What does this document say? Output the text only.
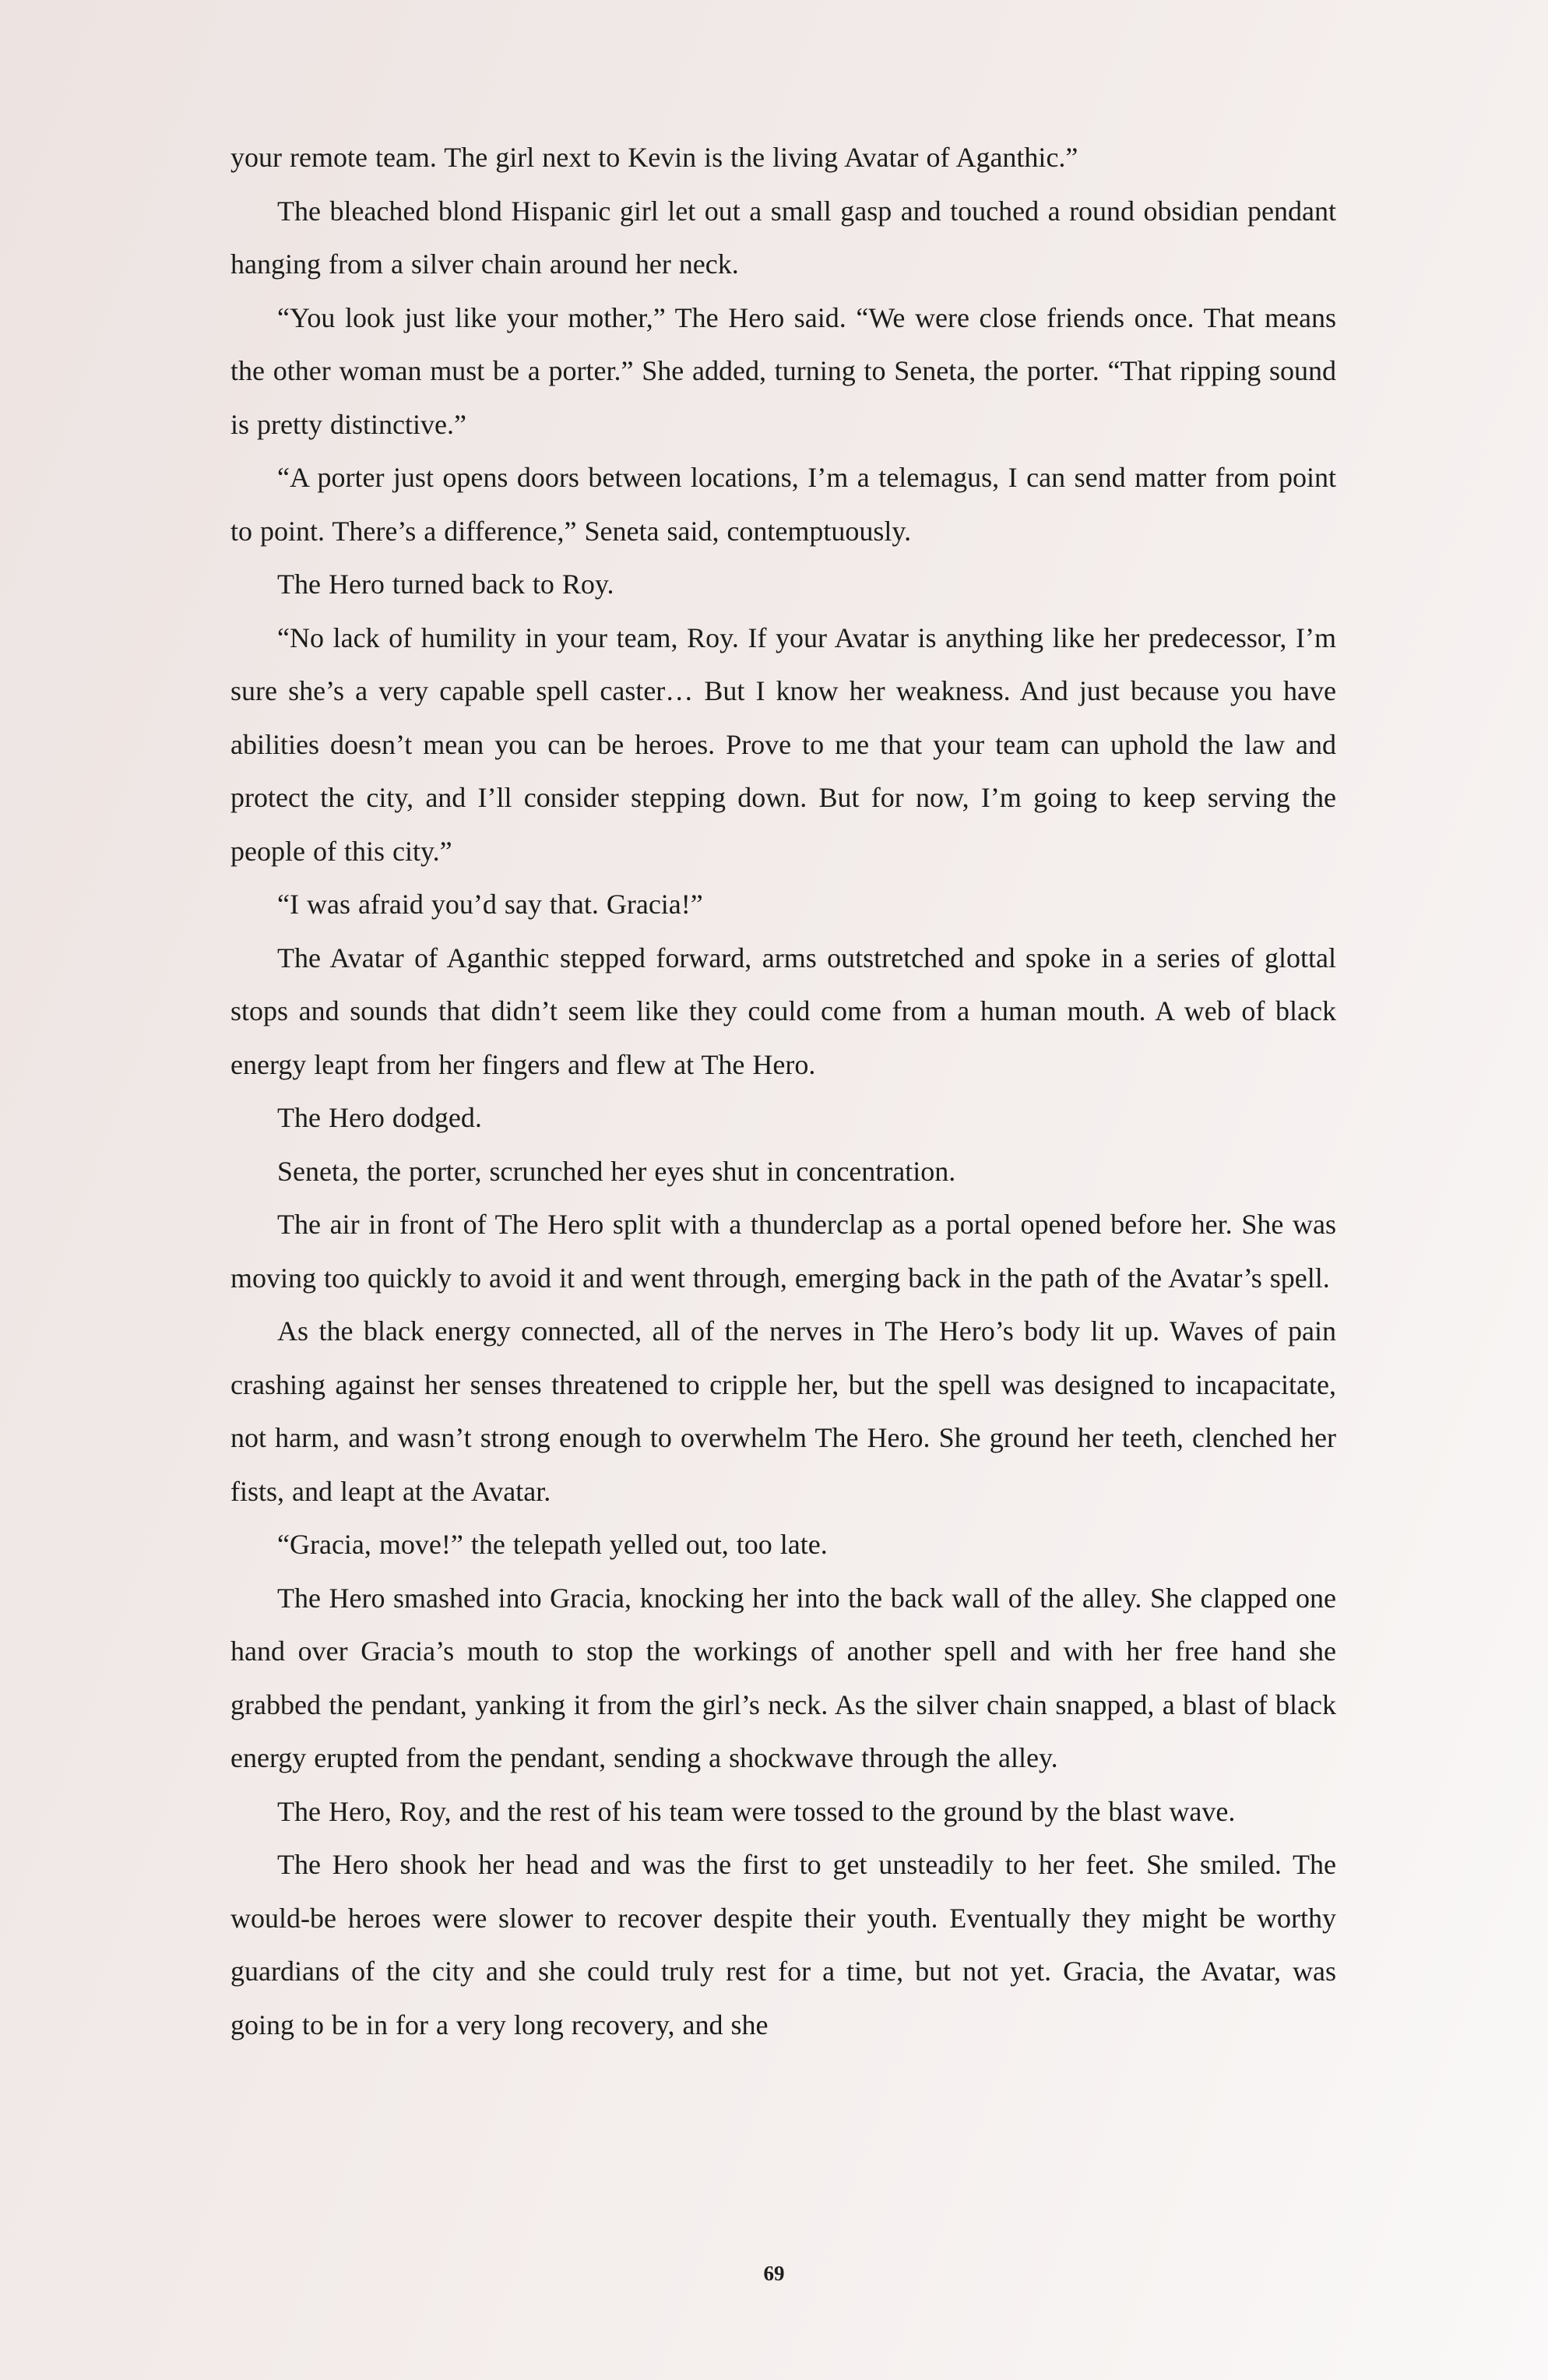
your remote team. The girl next to Kevin is the living Avatar of Aganthic.”

The bleached blond Hispanic girl let out a small gasp and touched a round obsidian pendant hanging from a silver chain around her neck.

“You look just like your mother,” The Hero said. “We were close friends once. That means the other woman must be a porter.” She added, turning to Seneta, the porter. “That ripping sound is pretty distinctive.”

“A porter just opens doors between locations, I’m a telemagus, I can send matter from point to point. There’s a difference,” Seneta said, contemptuously.

The Hero turned back to Roy.

“No lack of humility in your team, Roy. If your Avatar is anything like her predecessor, I’m sure she’s a very capable spell caster… But I know her weakness. And just because you have abilities doesn’t mean you can be heroes. Prove to me that your team can uphold the law and protect the city, and I’ll consider stepping down. But for now, I’m going to keep serving the people of this city.”

“I was afraid you’d say that. Gracia!”

The Avatar of Aganthic stepped forward, arms outstretched and spoke in a series of glottal stops and sounds that didn’t seem like they could come from a human mouth. A web of black energy leapt from her fingers and flew at The Hero.

The Hero dodged.

Seneta, the porter, scrunched her eyes shut in concentration.

The air in front of The Hero split with a thunderclap as a portal opened before her. She was moving too quickly to avoid it and went through, emerging back in the path of the Avatar’s spell.

As the black energy connected, all of the nerves in The Hero’s body lit up. Waves of pain crashing against her senses threatened to cripple her, but the spell was designed to incapacitate, not harm, and wasn’t strong enough to overwhelm The Hero. She ground her teeth, clenched her fists, and leapt at the Avatar.

“Gracia, move!” the telepath yelled out, too late.

The Hero smashed into Gracia, knocking her into the back wall of the alley. She clapped one hand over Gracia’s mouth to stop the workings of another spell and with her free hand she grabbed the pendant, yanking it from the girl’s neck. As the silver chain snapped, a blast of black energy erupted from the pendant, sending a shockwave through the alley.

The Hero, Roy, and the rest of his team were tossed to the ground by the blast wave.

The Hero shook her head and was the first to get unsteadily to her feet. She smiled. The would-be heroes were slower to recover despite their youth. Eventually they might be worthy guardians of the city and she could truly rest for a time, but not yet. Gracia, the Avatar, was going to be in for a very long recovery, and she

69
